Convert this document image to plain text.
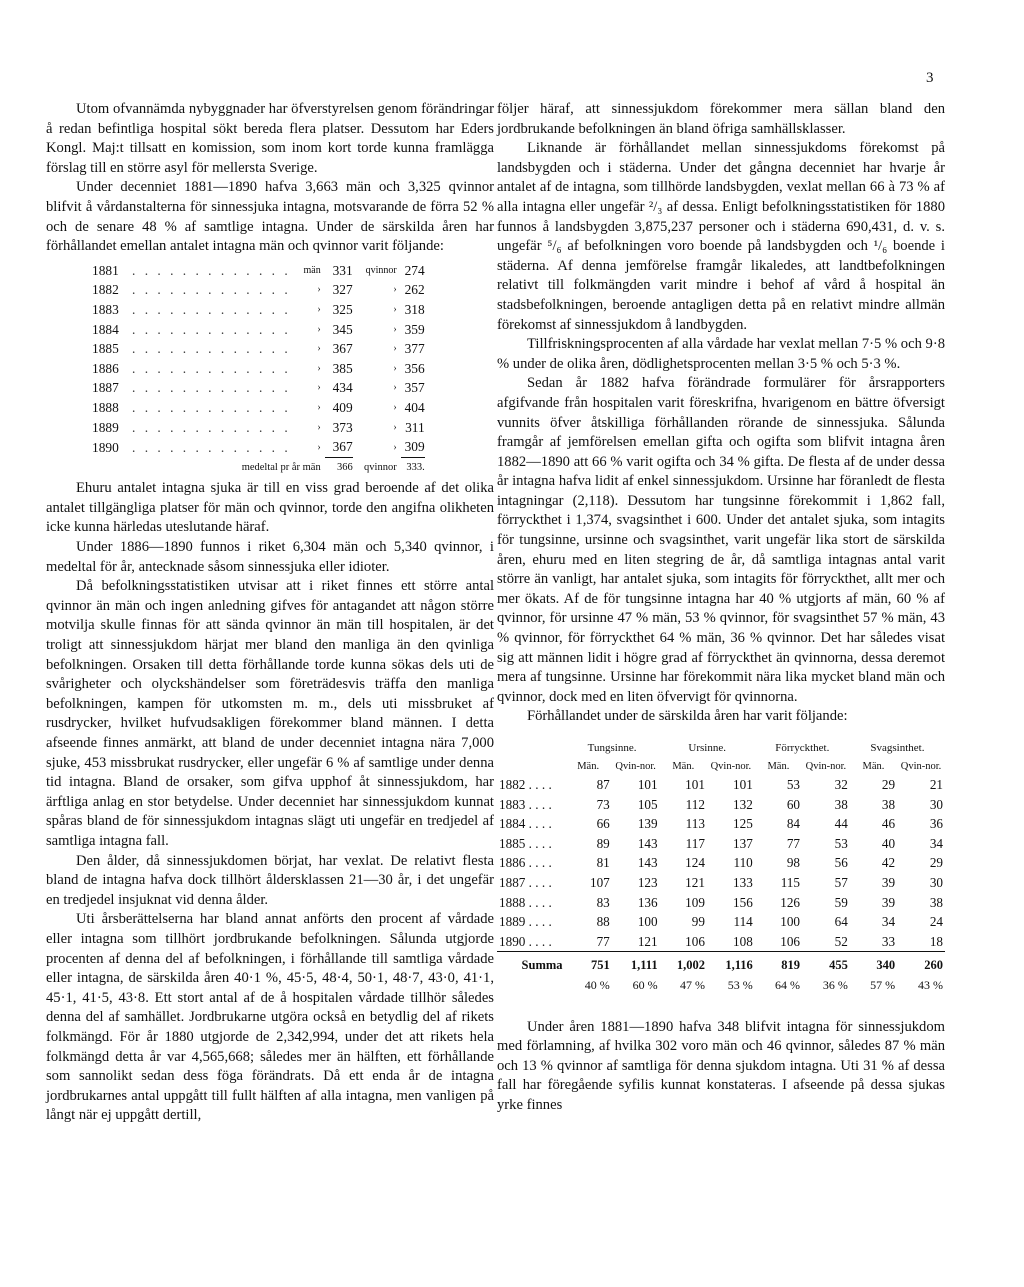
3

Utom ofvannämda nybyggnader har öfverstyrelsen genom förändringar å redan befintliga hospital sökt bereda flera platser. Dessutom har Eders Kongl. Maj:t tillsatt en komission, som inom kort torde kunna framlägga förslag till en större asyl för mellersta Sverige.

Under decenniet 1881—1890 hafva 3,663 män och 3,325 qvinnor blifvit å vårdanstalterna för sinnessjuka intagna, motsvarande de förra 52 % och de senare 48 % af samtlige intagna. Under de särskilda åren har förhållandet emellan antalet intagna män och qvinnor varit följande:

1881	. . . . . . . . . . . . .	män	331	qvinnor	274
1882	. . . . . . . . . . . . .	›	327	›	262
1883	. . . . . . . . . . . . .	›	325	›	318
1884	. . . . . . . . . . . . .	›	345	›	359
1885	. . . . . . . . . . . . .	›	367	›	377
1886	. . . . . . . . . . . . .	›	385	›	356
1887	. . . . . . . . . . . . .	›	434	›	357
1888	. . . . . . . . . . . . .	›	409	›	404
1889	. . . . . . . . . . . . .	›	373	›	311
1890	. . . . . . . . . . . . .	›	367	›	309
medeltal pr år män			366	qvinnor	333.

Ehuru antalet intagna sjuka är till en viss grad beroende af det olika antalet tillgängliga platser för män och qvinnor, torde den angifna olikheten icke kunna härledas uteslutande häraf.

Under 1886—1890 funnos i riket 6,304 män och 5,340 qvinnor, i medeltal för år, antecknade såsom sinnessjuka eller idioter.

Då befolkningsstatistiken utvisar att i riket finnes ett större antal qvinnor än män och ingen anledning gifves för antagandet att någon större motvilja skulle finnas för att sända qvinnor än män till hospitalen, är det troligt att sinnessjukdom härjat mer bland den manliga än den qvinliga befolkningen. Orsaken till detta förhållande torde kunna sökas dels uti de svårigheter och olyckshändelser som företrädesvis träffa den manliga befolkningen, kampen för utkomsten m. m., dels uti missbruket af rusdrycker, hvilket hufvudsakligen förekommer bland männen. I detta afseende finnes anmärkt, att bland de under decenniet intagna nära 7,000 sjuke, 453 missbrukat rusdrycker, eller ungefär 6 % af samtlige under denna tid intagna. Bland de orsaker, som gifva upphof åt sinnessjukdom, har ärftliga anlag en stor betydelse. Under decenniet har sinnessjukdom kunnat spåras bland de för sinnessjukdom intagnas slägt uti ungefär en tredjedel af samtliga intagna fall.

Den ålder, då sinnessjukdomen börjat, har vexlat. De relativt flesta bland de intagna hafva dock tillhört åldersklassen 21—30 år, i det ungefär en tredjedel insjuknat vid denna ålder.

Uti årsberättelserna har bland annat anförts den procent af vårdade eller intagna som tillhört jordbrukande befolkningen. Sålunda utgjorde procenten af denna del af befolkningen, i förhållande till samtliga vårdade eller intagna, de särskilda åren 40·1 %, 45·5, 48·4, 50·1, 48·7, 43·0, 41·1, 45·1, 41·5, 43·8. Ett stort antal af de å hospitalen vårdade tillhör således denna del af samhället. Jordbrukarne utgöra också en betydlig del af rikets folkmängd. För år 1880 utgjorde de 2,342,994, under det att rikets hela folkmängd detta år var 4,565,668; således mer än hälften, ett förhållande som sannolikt sedan dess föga förändrats. Då ett enda år de intagna jordbrukarnes antal uppgått till fullt hälften af alla intagna, men vanligen på långt när ej uppgått dertill,

följer häraf, att sinnessjukdom förekommer mera sällan bland den jordbrukande befolkningen än bland öfriga samhällsklasser.

Liknande är förhållandet mellan sinnessjukdoms förekomst på landsbygden och i städerna. Under det gångna decenniet har hvarje år antalet af de intagna, som tillhörde landsbygden, vexlat mellan 66 à 73 % af alla intagna eller ungefär ²/₃ af dessa. Enligt befolkningsstatistiken för 1880 funnos å landsbygden 3,875,237 personer och i städerna 690,431, d. v. s. ungefär ⁵/₆ af befolkningen voro boende på landsbygden och ¹/₆ boende i städerna. Af denna jemförelse framgår likaledes, att landtbefolkningen relativt till folkmängden varit mindre i behof af vård å hospital än stadsbefolkningen, beroende antagligen detta på en relativt mindre allmän förekomst af sinnessjukdom å landbygden.

Tillfriskningsprocenten af alla vårdade har vexlat mellan 7·5 % och 9·8 % under de olika åren, dödlighetsprocenten mellan 3·5 % och 5·3 %.

Sedan år 1882 hafva förändrade formulärer för årsrapporters afgifvande från hospitalen varit föreskrifna, hvarigenom en bättre öfversigt vunnits öfver åtskilliga förhållanden rörande de sinnessjuka. Sålunda framgår af jemförelsen emellan gifta och ogifta som blifvit intagna åren 1882—1890 att 66 % varit ogifta och 34 % gifta. De flesta af de under dessa år intagna hafva lidit af enkel sinnessjukdom. Ursinne har föranledt de flesta intagningar (2,118). Dessutom har tungsinne förekommit i 1,862 fall, förryckthet i 1,374, svagsinthet i 600. Under det antalet sjuka, som intagits för tungsinne, ursinne och svagsinthet, varit ungefär lika stort de särskilda åren, ehuru med en liten stegring de år, då samtliga intagnas antal varit större än vanligt, har antalet sjuka, som intagits för förryckthet, allt mer och mer ökats. Af de för tungsinne intagna har 40 % utgjorts af män, 60 % af qvinnor, för ursinne 47 % män, 53 % qvinnor, för svagsinthet 57 % män, 43 % qvinnor, för förryckthet 64 % män, 36 % qvinnor. Det har således visat sig att männen lidit i högre grad af förryckthet än qvinnorna, dessa deremot mera af tungsinne. Ursinne har förekommit nära lika mycket bland män och qvinnor, dock med en liten öfvervigt för qvinnorna.

Förhållandet under de särskilda åren har varit följande:

	Tungsinne.		Ursinne.		Förryckthet.		Svagsinthet.	
	Män.	Qvin-nor.	Män.	Qvin-nor.	Män.	Qvin-nor.	Män.	Qvin-nor.
1882 . . . .	87	101	101	101	53	32	29	21
1883 . . . .	73	105	112	132	60	38	38	30
1884 . . . .	66	139	113	125	84	44	46	36
1885 . . . .	89	143	117	137	77	53	40	34
1886 . . . .	81	143	124	110	98	56	42	29
1887 . . . .	107	123	121	133	115	57	39	30
1888 . . . .	83	136	109	156	126	59	39	38
1889 . . . .	88	100	99	114	100	64	34	24
1890 . . . .	77	121	106	108	106	52	33	18
Summa	751	1,111	1,002	1,116	819	455	340	260
	40 %	60 %	47 %	53 %	64 %	36 %	57 %	43 %

Under åren 1881—1890 hafva 348 blifvit intagna för sinnessjukdom med förlamning, af hvilka 302 voro män och 46 qvinnor, således 87 % män och 13 % qvinnor af samtliga för denna sjukdom intagna. Uti 31 % af dessa fall har föregående syfilis kunnat konstateras. I afseende på dessa sjukas yrke finnes
